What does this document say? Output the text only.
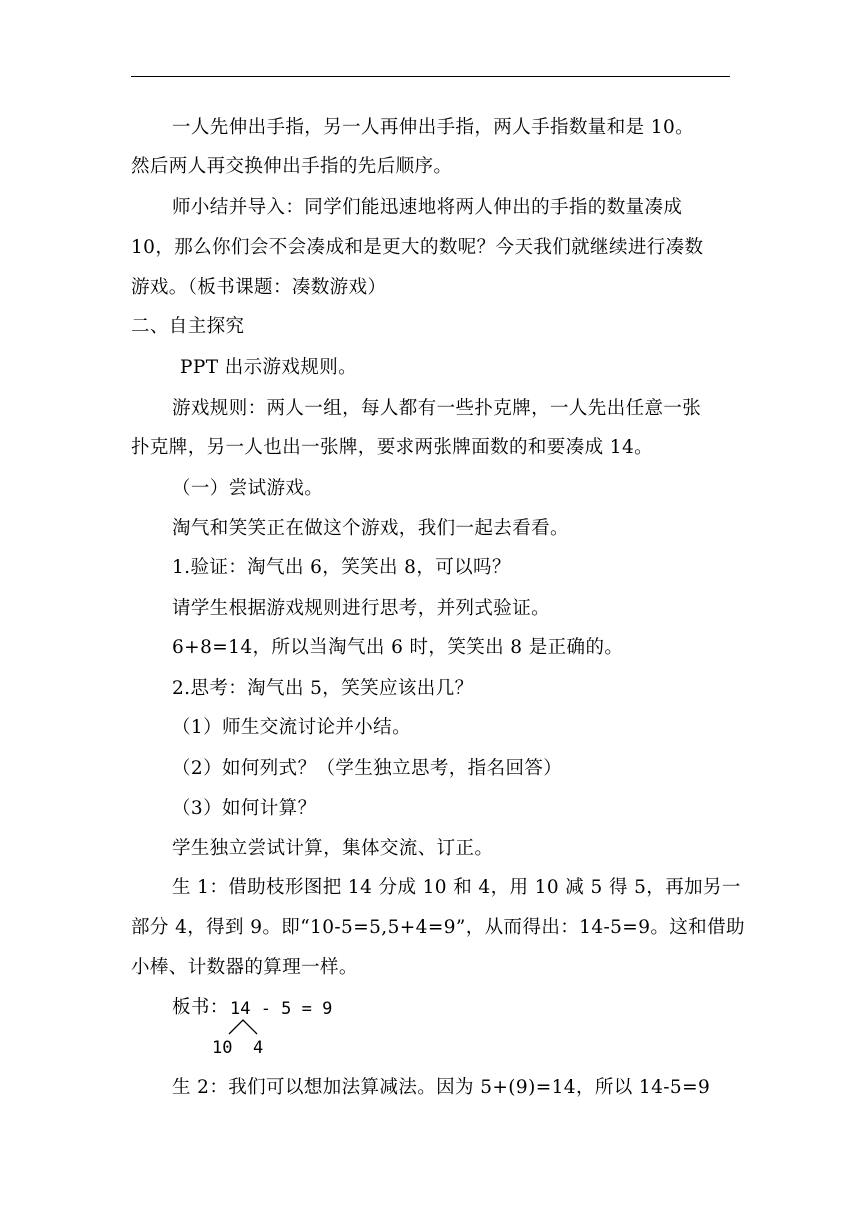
一人先伸出手指，另一人再伸出手指，两人手指数量和是 10。
然后两人再交换伸出手指的先后顺序。
师小结并导入：同学们能迅速地将两人伸出的手指的数量凑成
10，那么你们会不会凑成和是更大的数呢？今天我们就继续进行凑数
游戏。（板书课题：凑数游戏）
二、自主探究
PPT 出示游戏规则。
游戏规则：两人一组，每人都有一些扑克牌，一人先出任意一张
扑克牌，另一人也出一张牌，要求两张牌面数的和要凑成 14。
（一）尝试游戏。
淘气和笑笑正在做这个游戏，我们一起去看看。
1.验证：淘气出 6，笑笑出 8，可以吗？
请学生根据游戏规则进行思考，并列式验证。
6+8=14，所以当淘气出 6 时，笑笑出 8 是正确的。
2.思考：淘气出 5，笑笑应该出几？
（1）师生交流讨论并小结。
（2）如何列式？（学生独立思考，指名回答）
（3）如何计算？
学生独立尝试计算，集体交流、订正。
生 1：借助枝形图把 14 分成 10 和 4，用 10 减 5 得 5，再加另一
部分 4，得到 9。即“10-5=5,5+4=9”，从而得出：14-5=9。这和借助
小棒、计数器的算理一样。
板书： 14 - 5 = 9
10  4
生 2：我们可以想加法算减法。因为 5+(9)=14，所以 14-5=9
